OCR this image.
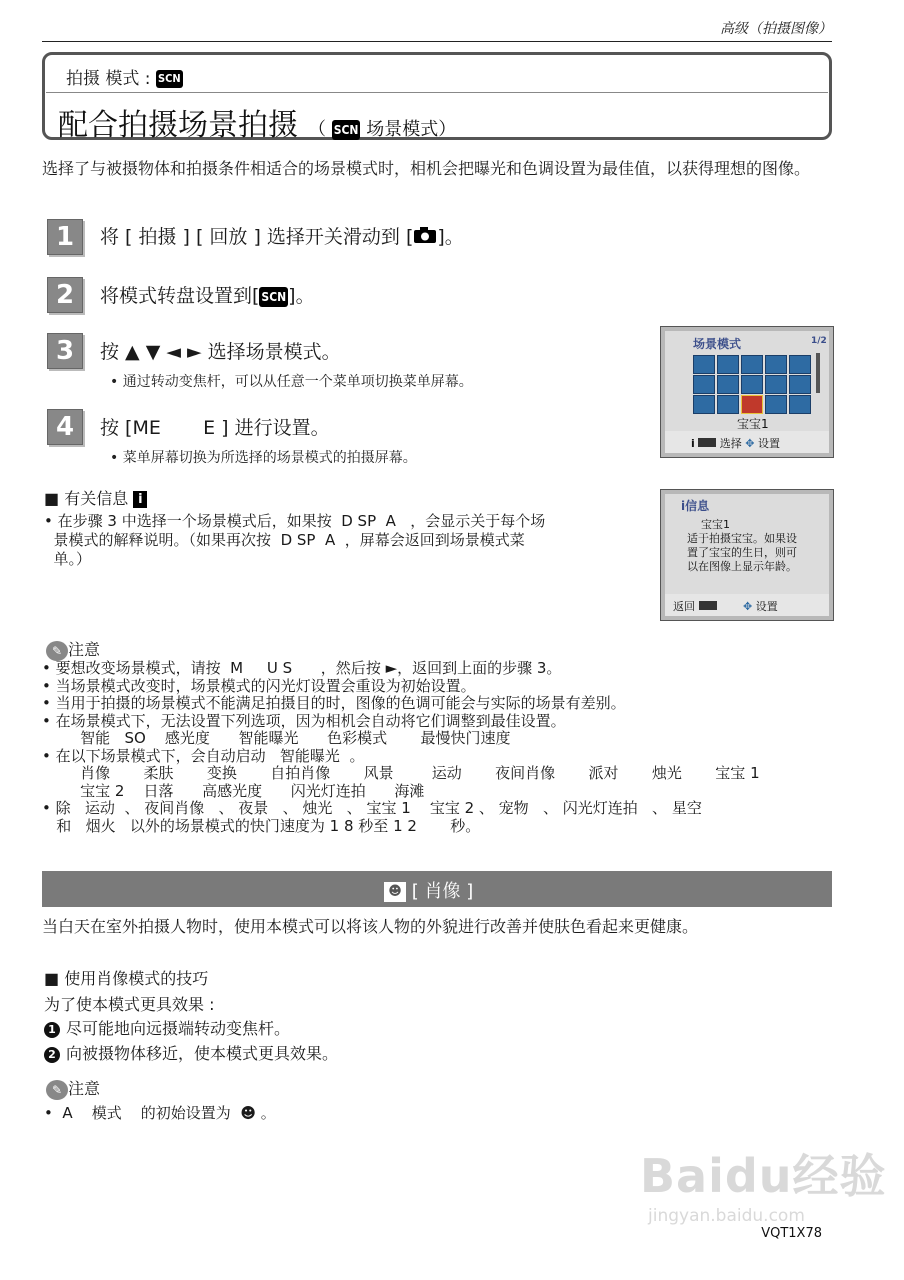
高级（拍摄图像）
拍摄 模式 : SCN
配合拍摄场景拍摄 （ SCN 场景模式）
选择了与被摄物体和拍摄条件相适合的场景模式时，相机会把曝光和色调设置为最佳值，以获得理想的图像。
1	将 [ 拍摄 ] [ 回放 ] 选择开关滑动到 [ ]。
2	将模式转盘设置到[ SCN ]。
3	按 ▲ ▼ ◄ ► 选择场景模式。
• 通过转动变焦杆，可以从任意一个菜单项切换菜单屏幕。
4	按 [ME       E ] 进行设置。
• 菜单屏幕切换为所选择的场景模式的拍摄屏幕。
场景模式	1/2
宝宝1
i 选择 ✥ 设置
■ 有关信息 i
• 在步骤 3 中选择一个场景模式后，如果按  D SP  A   ，会显示关于每个场
景模式的解释说明。（如果再次按  D SP  A  ，屏幕会返回到场景模式菜
单。）
i信息
宝宝1
适于拍摄宝宝。如果设
置了宝宝的生日，则可
以在图像上显示年龄。
返回	✥ 设置
✎ 注意
• 要想改变场景模式，请按  M     U S      ，然后按 ►，返回到上面的步骤 3。
• 当场景模式改变时，场景模式的闪光灯设置会重设为初始设置。
• 当用于拍摄的场景模式不能满足拍摄目的时，图像的色调可能会与实际的场景有差别。
• 在场景模式下，无法设置下列选项，因为相机会自动将它们调整到最佳设置。
智能   SO    感光度      智能曝光      色彩模式       最慢快门速度
• 在以下场景模式下，会自动启动   智能曝光  。
肖像       柔肤       变换       自拍肖像       风景        运动       夜间肖像       派对       烛光       宝宝 1
宝宝 2    日落      高感光度      闪光灯连拍      海滩
• 除   运动  、 夜间肖像   、 夜景   、 烛光   、 宝宝 1    宝宝 2 、 宠物   、 闪光灯连拍   、 星空
和   烟火   以外的场景模式的快门速度为 1 8 秒至 1 2       秒。
☻ [ 肖像 ]
当白天在室外拍摄人物时，使用本模式可以将该人物的外貌进行改善并使肤色看起来更健康。
■ 使用肖像模式的技巧
为了使本模式更具效果 :
1 尽可能地向远摄端转动变焦杆。
2 向被摄物体移近，使本模式更具效果。
✎ 注意
•  A    模式    的初始设置为 ☻ 。
Baidu经验
jingyan.baidu.com
VQT1X78
